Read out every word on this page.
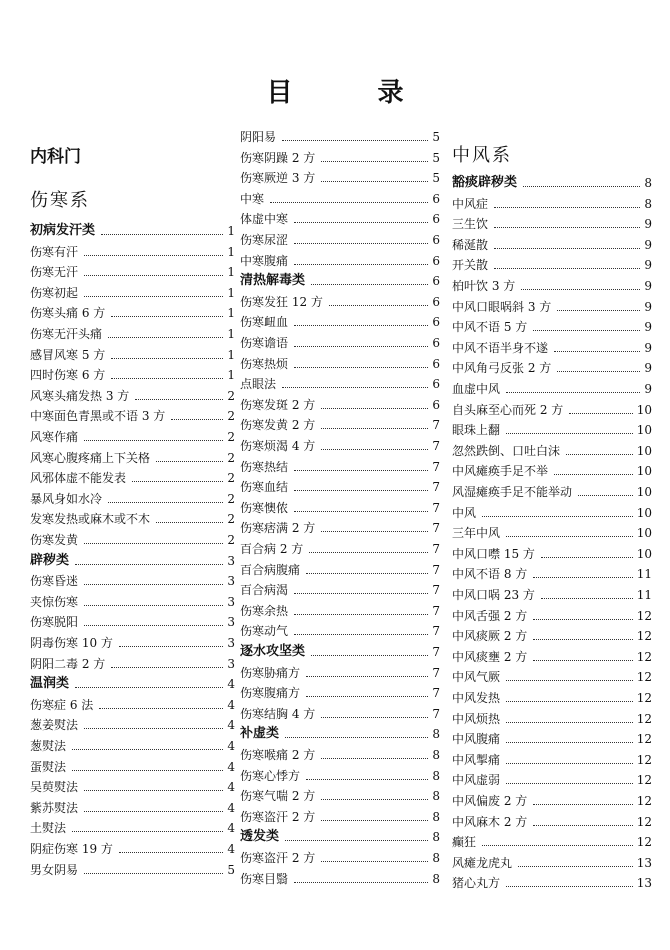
目 录
内科门
伤寒系
初病发汗类	1
伤寒有汗	1
伤寒无汗	1
伤寒初起	1
伤寒头痛 6 方	1
伤寒无汗头痛	1
感冒风寒 5 方	1
四时伤寒 6 方	1
风寒头痛发热 3 方	2
中寒面色青黑或不语 3 方	2
风寒作痛	2
风寒心腹疼痛上下关格	2
风邪体虚不能发表	2
暴风身如水冷	2
发寒发热或麻木或不木	2
伤寒发黄	2
辟秽类	3
伤寒昏迷	3
夹惊伤寒	3
伤寒脱阳	3
阴毒伤寒 10 方	3
阴阳二毒 2 方	3
温润类	4
伤寒症 6 法	4
葱姜熨法	4
葱熨法	4
蛋熨法	4
吴萸熨法	4
紫苏熨法	4
土熨法	4
阴症伤寒 19 方	4
男女阴易	5
阴阳易	5
伤寒阴躁 2 方	5
伤寒厥逆 3 方	5
中寒	6
体虚中寒	6
伤寒尿涩	6
中寒腹痛	6
清热解毒类	6
伤寒发狂 12 方	6
伤寒衄血	6
伤寒谵语	6
伤寒热烦	6
点眼法	6
伤寒发斑 2 方	6
伤寒发黄 2 方	7
伤寒烦渴 4 方	7
伤寒热结	7
伤寒血结	7
伤寒懊侬	7
伤寒痞满 2 方	7
百合病 2 方	7
百合病腹痛	7
百合病渴	7
伤寒余热	7
伤寒动气	7
逐水攻坚类	7
伤寒胁痛方	7
伤寒腹痛方	7
伤寒结胸 4 方	7
补虚类	8
伤寒喉痛 2 方	8
伤寒心悸方	8
伤寒气喘 2 方	8
伤寒盗汗 2 方	8
透发类	8
伤寒盗汗 2 方	8
伤寒目翳	8
中风系
豁痰辟秽类	8
中风症	8
三生饮	9
稀涎散	9
开关散	9
柏叶饮 3 方	9
中风口眼㖞斜 3 方	9
中风不语 5 方	9
中风不语半身不遂	9
中风角弓反张 2 方	9
血虚中风	9
自头麻至心而死 2 方	10
眼珠上翻	10
忽然跌倒、口吐白沫	10
中风瘫痪手足不举	10
风湿瘫痪手足不能举动	10
中风	10
三年中风	10
中风口噤 15 方	10
中风不语 8 方	11
中风口㖞 23 方	11
中风舌强 2 方	12
中风痰厥 2 方	12
中风痰壅 2 方	12
中风气厥	12
中风发热	12
中风烦热	12
中风腹痛	12
中风掣痛	12
中风虚弱	12
中风偏废 2 方	12
中风麻木 2 方	12
癫狂	12
风瘫龙虎丸	13
猪心丸方	13
